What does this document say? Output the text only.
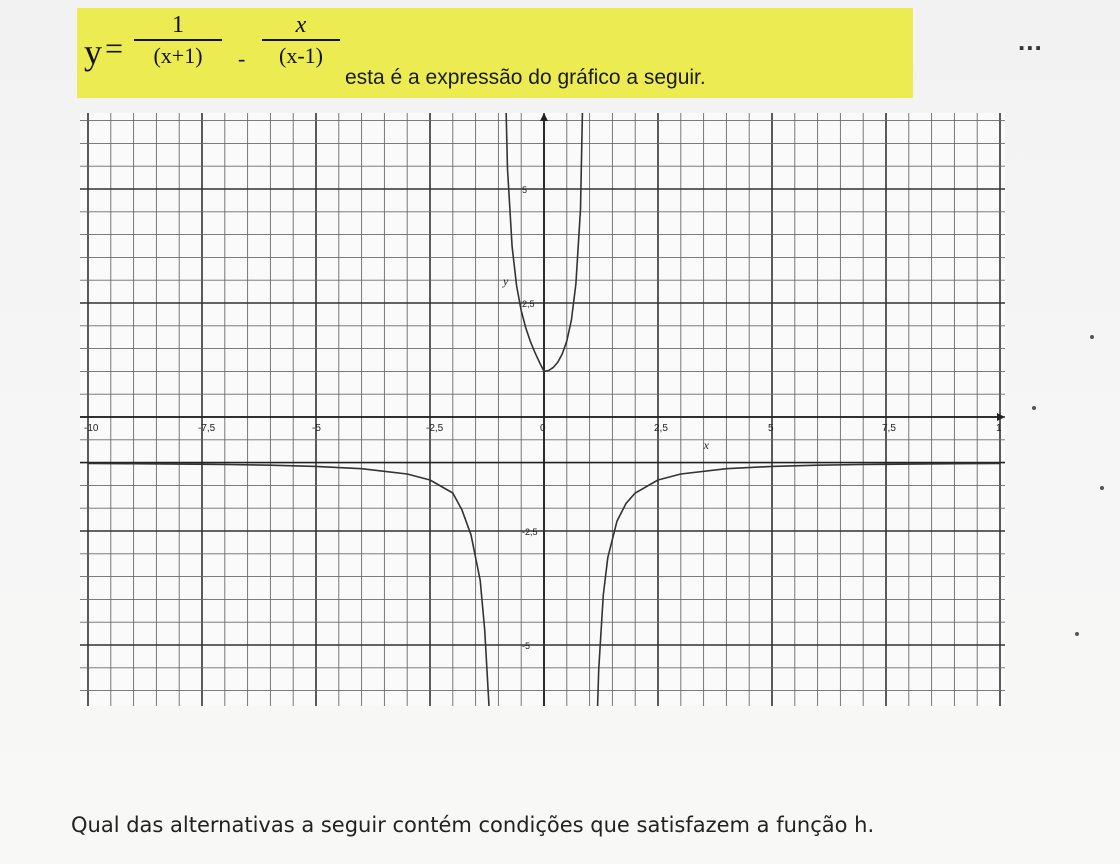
y =
1
(x+1)	-
x
(x-1)
esta é a expressão do gráfico a seguir.
...
-10	-7,5	-5	-2,5	0	2,5	5	7,5	1
5
2,5
-2,5
-5
x
y
Qual das alternativas a seguir contém condições que satisfazem a função h.
